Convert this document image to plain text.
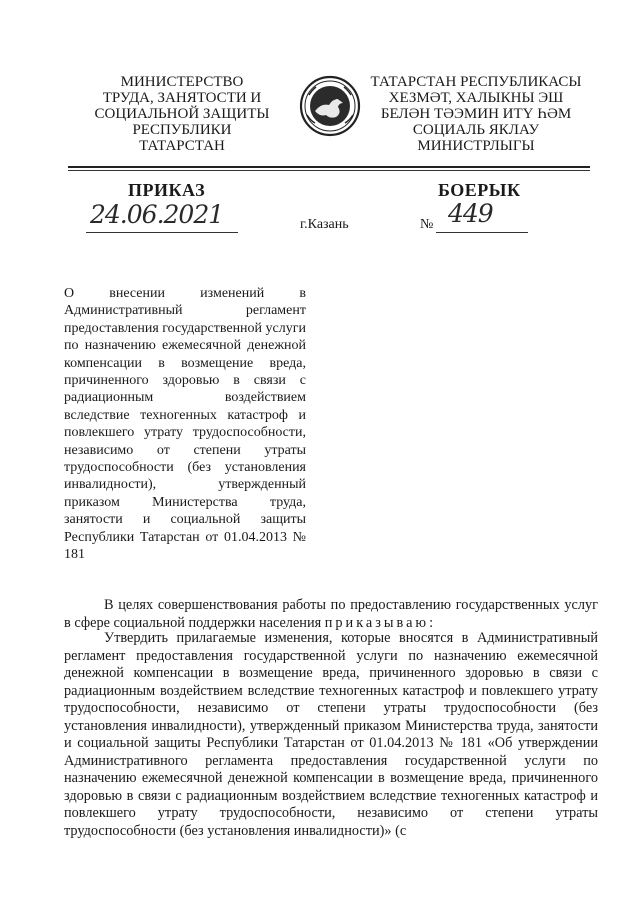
МИНИСТЕРСТВО
ТРУДА, ЗАНЯТОСТИ И
СОЦИАЛЬНОЙ ЗАЩИТЫ
РЕСПУБЛИКИ
ТАТАРСТАН
ТАТАРСТАН РЕСПУБЛИКАСЫ
ХЕЗМӘТ, ХАЛЫКНЫ ЭШ
БЕЛӘН ТӘЭМИН ИТҮ ҺӘМ
СОЦИАЛЬ ЯКЛАУ
МИНИСТРЛЫГЫ
ПРИКАЗ	БОЕРЫК
24.06.2021	г.Казань	№ 449

О внесении изменений в Административный регламент предоставления государственной услуги по назначению ежемесячной денежной компенсации в возмещение вреда, причиненного здоровью в связи с радиационным воздействием вследствие техногенных катастроф и повлекшего утрату трудоспособности, независимо от степени утраты трудоспособности (без установления инвалидности), утвержденный приказом Министерства труда, занятости и социальной защиты Республики Татарстан от 01.04.2013 № 181

В целях совершенствования работы по предоставлению государственных услуг в сфере социальной поддержки населения приказываю:

Утвердить прилагаемые изменения, которые вносятся в Административный регламент предоставления государственной услуги по назначению ежемесячной денежной компенсации в возмещение вреда, причиненного здоровью в связи с радиационным воздействием вследствие техногенных катастроф и повлекшего утрату трудоспособности, независимо от степени утраты трудоспособности (без установления инвалидности), утвержденный приказом Министерства труда, занятости и социальной защиты Республики Татарстан от 01.04.2013 № 181 «Об утверждении Административного регламента предоставления государственной услуги по назначению ежемесячной денежной компенсации в возмещение вреда, причиненного здоровью в связи с радиационным воздействием вследствие техногенных катастроф и повлекшего утрату трудоспособности, независимо от степени утраты трудоспособности (без установления инвалидности)» (с
